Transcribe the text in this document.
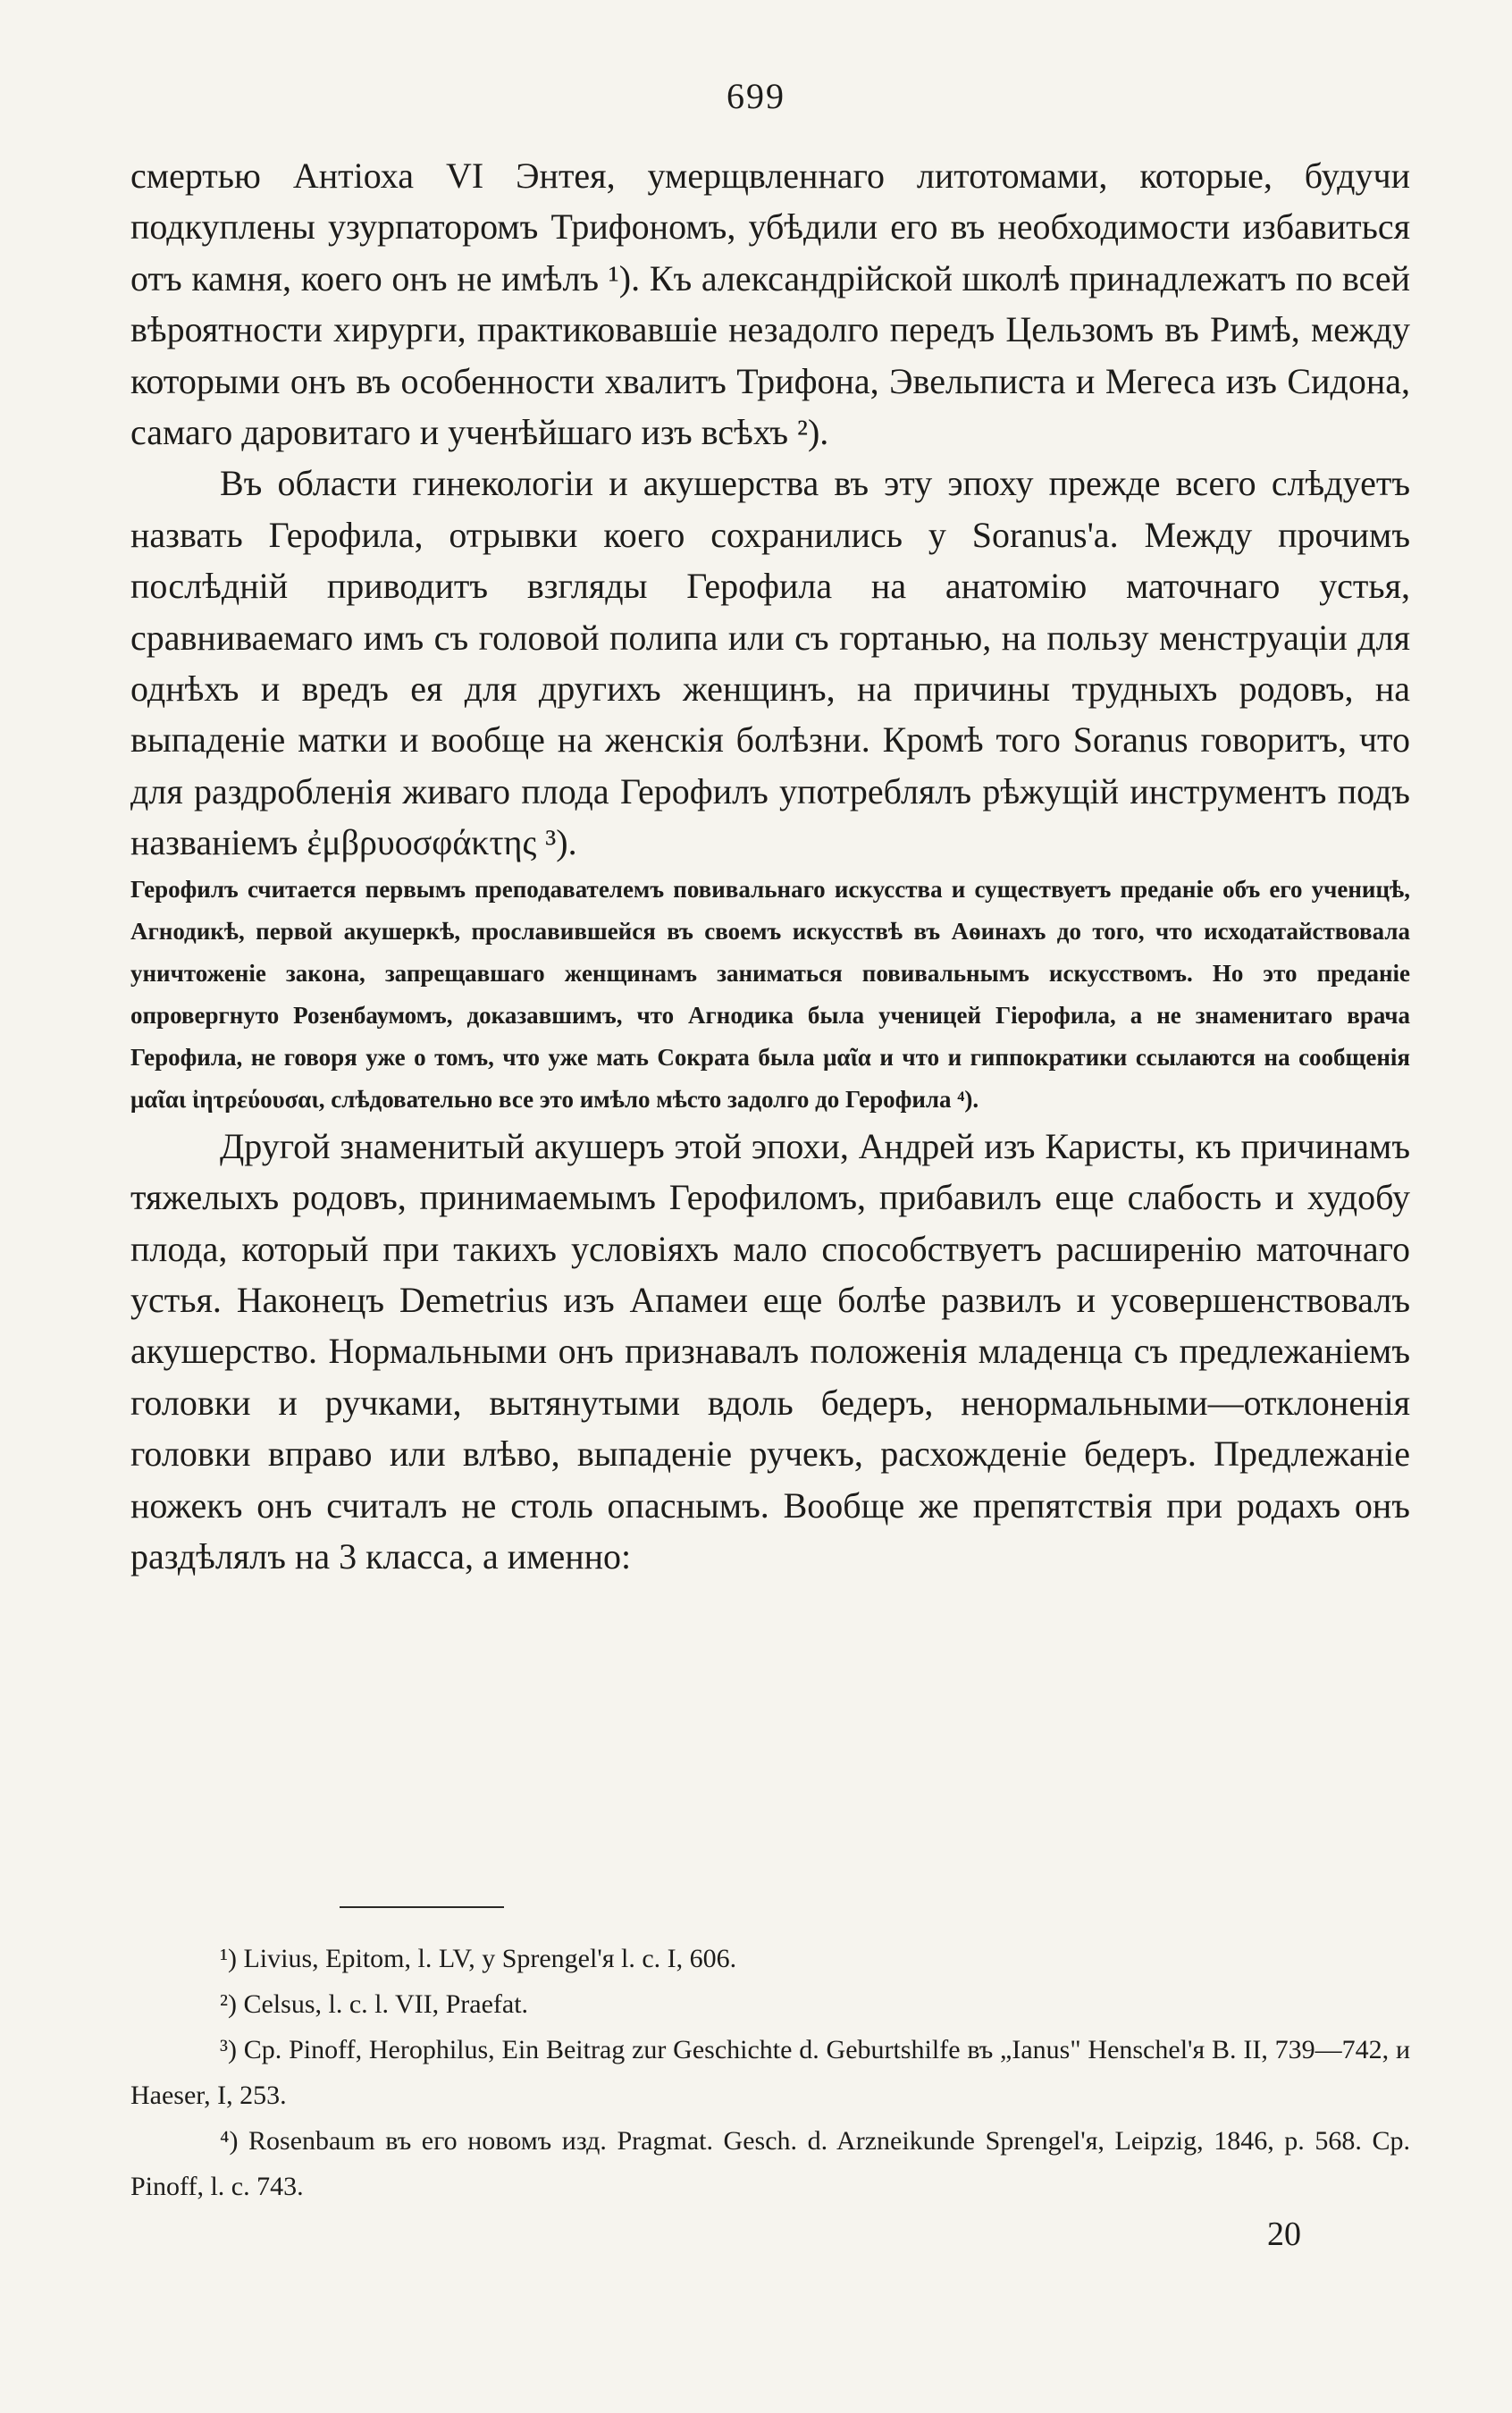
699

смертью Антіоха VI Энтея, умерщвленнаго литотомами, которые, будучи подкуплены узурпаторомъ Трифономъ, убѣдили его въ необходимости избавиться отъ камня, коего онъ не имѣлъ ¹). Къ александрійской школѣ принадлежатъ по всей вѣроятности хирурги, практиковавшіе незадолго передъ Цельзомъ въ Римѣ, между которыми онъ въ особенности хвалитъ Трифона, Эвельписта и Мегеса изъ Сидона, самаго даровитаго и ученѣйшаго изъ всѣхъ ²).

Въ области гинекологіи и акушерства въ эту эпоху прежде всего слѣдуетъ назвать Герофила, отрывки коего сохранились у Soranus'а. Между прочимъ послѣдній приводитъ взгляды Герофила на анатомію маточнаго устья, сравниваемаго имъ съ головой полипа или съ гортанью, на пользу менструаціи для однѣхъ и вредъ ея для другихъ женщинъ, на причины трудныхъ родовъ, на выпаденіе матки и вообще на женскія болѣзни. Кромѣ того Soranus говоритъ, что для раздробленія живаго плода Герофилъ употреблялъ рѣжущій инструментъ подъ названіемъ ἐμβρυοσφάκτης ³).

Герофилъ считается первымъ преподавателемъ повивальнаго искусства и существуетъ преданіе объ его ученицѣ, Агнодикѣ, первой акушеркѣ, прославившейся въ своемъ искусствѣ въ Аѳинахъ до того, что исходатайствовала уничтоженіе закона, запрещавшаго женщинамъ заниматься повивальнымъ искусствомъ. Но это преданіе опровергнуто Розенбаумомъ, доказавшимъ, что Агнодика была ученицей Гіерофила, а не знаменитаго врача Герофила, не говоря уже о томъ, что уже мать Сократа была μαῖα и что и гиппократики ссылаются на сообщенія μαῖαι ἰητρεύουσαι, слѣдовательно все это имѣло мѣсто задолго до Герофила ⁴).

Другой знаменитый акушеръ этой эпохи, Андрей изъ Каристы, къ причинамъ тяжелыхъ родовъ, принимаемымъ Герофиломъ, прибавилъ еще слабость и худобу плода, который при такихъ условіяхъ мало способствуетъ расширенію маточнаго устья. Наконецъ Demetrius изъ Апамеи еще болѣе развилъ и усовершенствовалъ акушерство. Нормальными онъ признавалъ положенія младенца съ предлежаніемъ головки и ручками, вытянутыми вдоль бедеръ, ненормальными—отклоненія головки вправо или влѣво, выпаденіе ручекъ, расхожденіе бедеръ. Предлежаніе ножекъ онъ считалъ не столь опаснымъ. Вообще же препятствія при родахъ онъ раздѣлялъ на 3 класса, а именно:

¹) Livius, Epitom, l. LV, y Sprengel'я l. c. I, 606.

²) Celsus, l. c. l. VII, Praefat.

³) Cp. Pinoff, Herophilus, Ein Beitrag zur Geschichte d. Geburtshilfe въ „Ianus" Henschel'я B. II, 739—742, и Haeser, I, 253.

⁴) Rosenbaum въ его новомъ изд. Pragmat. Gesch. d. Arzneikunde Sprengel'я, Leipzig, 1846, p. 568. Cp. Pinoff, l. c. 743.

20
